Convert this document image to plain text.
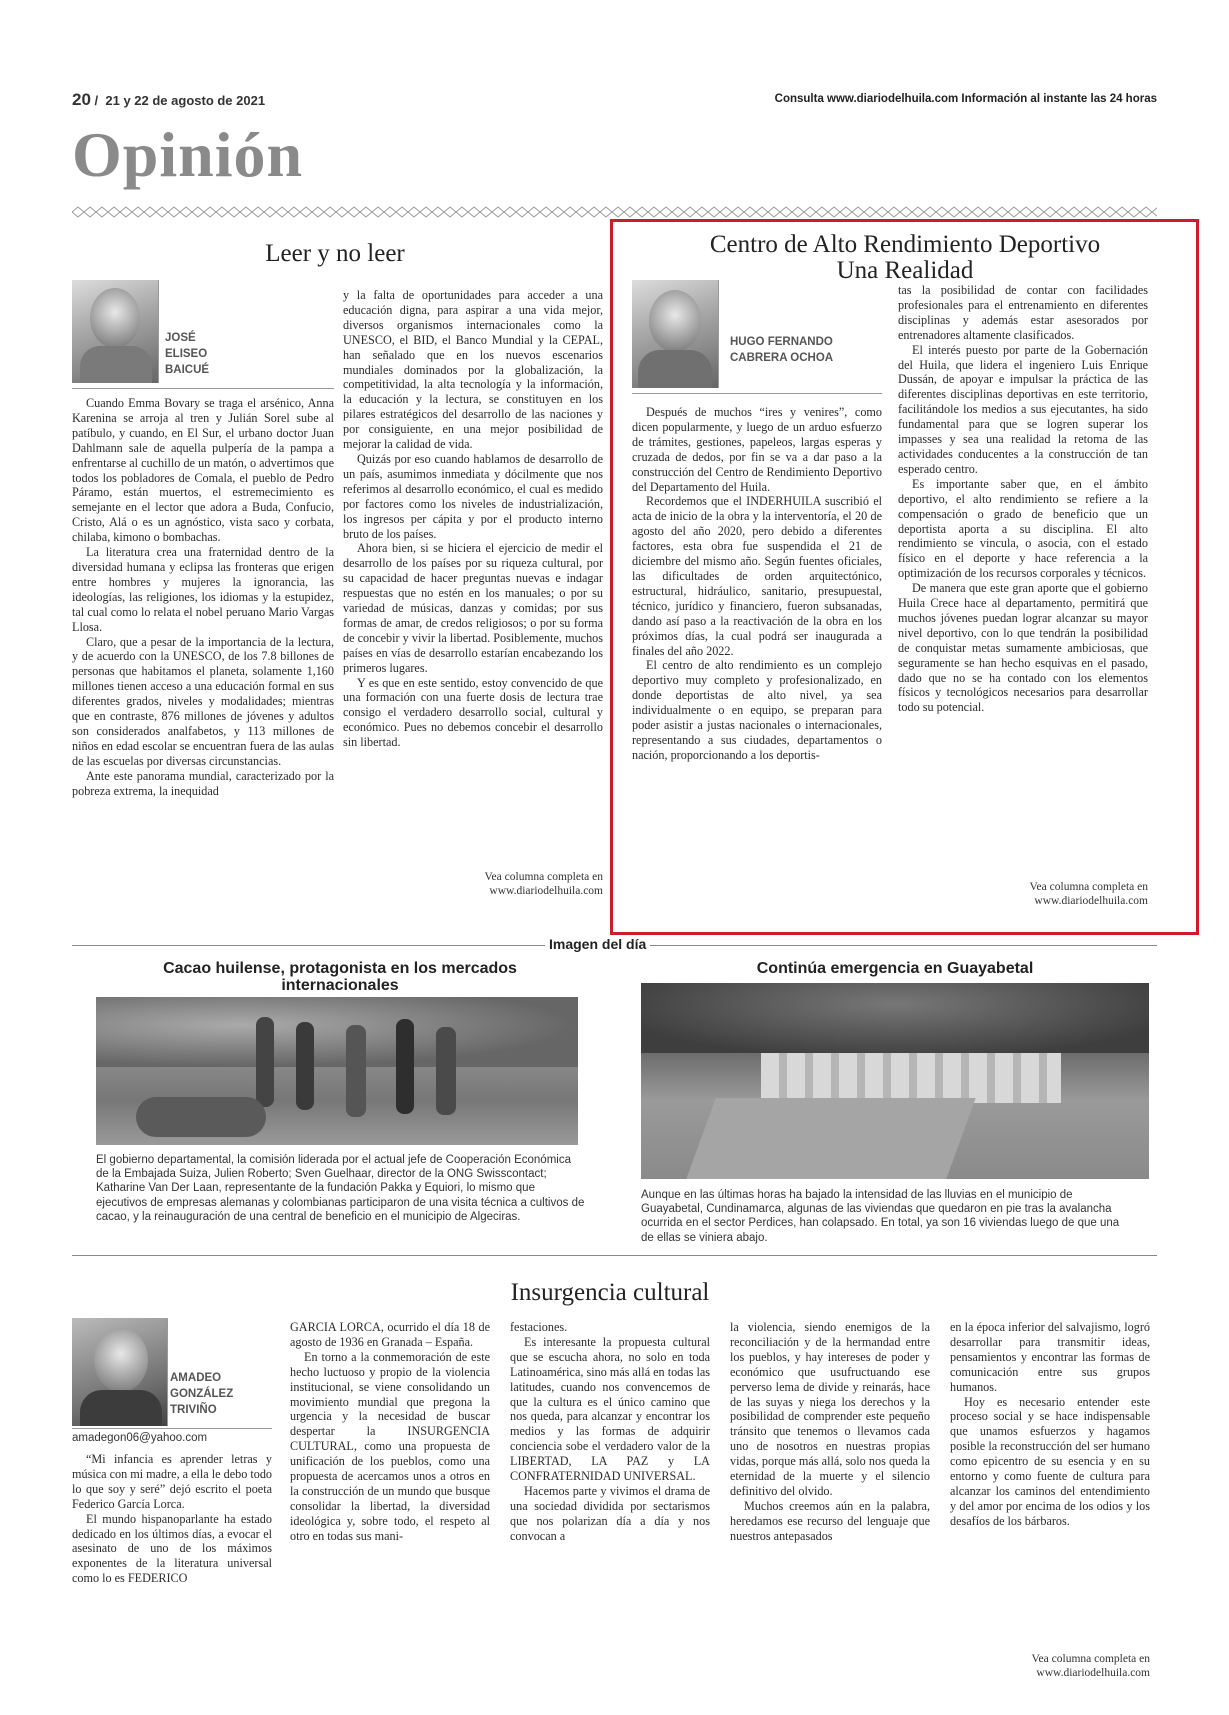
20 /  21 y 22 de agosto de 2021	Consulta www.diariodelhuila.com Información al instante las 24 horas
Opinión
Leer y no leer
JOSÉ
ELISEO
BAICUÉ

Cuando Emma Bovary se traga el arsénico, Anna Karenina se arroja al tren y Julián Sorel sube al patíbulo, y cuando, en El Sur, el urbano doctor Juan Dahlmann sale de aquella pulpería de la pampa a enfrentarse al cuchillo de un matón, o advertimos que todos los pobladores de Comala, el pueblo de Pedro Páramo, están muertos, el estremecimiento es semejante en el lector que adora a Buda, Confucio, Cristo, Alá o es un agnóstico, vista saco y corbata, chilaba, kimono o bombachas.

La literatura crea una fraternidad dentro de la diversidad humana y eclipsa las fronteras que erigen entre hombres y mujeres la ignorancia, las ideologías, las religiones, los idiomas y la estupidez, tal cual como lo relata el nobel peruano Mario Vargas Llosa.

Claro, que a pesar de la importancia de la lectura, y de acuerdo con la UNESCO, de los 7.8 billones de personas que habitamos el planeta, solamente 1,160 millones tienen acceso a una educación formal en sus diferentes grados, niveles y modalidades; mientras que en contraste, 876 millones de jóvenes y adultos son considerados analfabetos, y 113 millones de niños en edad escolar se encuentran fuera de las aulas de las escuelas por diversas circunstancias.

Ante este panorama mundial, caracterizado por la pobreza extrema, la inequidad

y la falta de oportunidades para acceder a una educación digna, para aspirar a una vida mejor, diversos organismos internacionales como la UNESCO, el BID, el Banco Mundial y la CEPAL, han señalado que en los nuevos escenarios mundiales dominados por la globalización, la competitividad, la alta tecnología y la información, la educación y la lectura, se constituyen en los pilares estratégicos del desarrollo de las naciones y por consiguiente, en una mejor posibilidad de mejorar la calidad de vida.

Quizás por eso cuando hablamos de desarrollo de un país, asumimos inmediata y dócilmente que nos referimos al desarrollo económico, el cual es medido por factores como los niveles de industrialización, los ingresos per cápita y por el producto interno bruto de los países.

Ahora bien, si se hiciera el ejercicio de medir el desarrollo de los países por su riqueza cultural, por su capacidad de hacer preguntas nuevas e indagar respuestas que no estén en los manuales; o por su variedad de músicas, danzas y comidas; por sus formas de amar, de credos religiosos; o por su forma de concebir y vivir la libertad. Posiblemente, muchos países en vías de desarrollo estarían encabezando los primeros lugares.

Y es que en este sentido, estoy convencido de que una formación con una fuerte dosis de lectura trae consigo el verdadero desarrollo social, cultural y económico. Pues no debemos concebir el desarrollo sin libertad.

Vea columna completa en
www.diariodelhuila.com
Centro de Alto Rendimiento Deportivo
Una Realidad
HUGO FERNANDO
CABRERA OCHOA

Después de muchos “ires y venires”, como dicen popularmente, y luego de un arduo esfuerzo de trámites, gestiones, papeleos, largas esperas y cruzada de dedos, por fin se va a dar paso a la construcción del Centro de Rendimiento Deportivo del Departamento del Huila.

Recordemos que el INDERHUILA suscribió el acta de inicio de la obra y la interventoría, el 20 de agosto del año 2020, pero debido a diferentes factores, esta obra fue suspendida el 21 de diciembre del mismo año. Según fuentes oficiales, las dificultades de orden arquitectónico, estructural, hidráulico, sanitario, presupuestal, técnico, jurídico y financiero, fueron subsanadas, dando así paso a la reactivación de la obra en los próximos días, la cual podrá ser inaugurada a finales del año 2022.

El centro de alto rendimiento es un complejo deportivo muy completo y profesionalizado, en donde deportistas de alto nivel, ya sea individualmente o en equipo, se preparan para poder asistir a justas nacionales o internacionales, representando a sus ciudades, departamentos o nación, proporcionando a los deportis-

tas la posibilidad de contar con facilidades profesionales para el entrenamiento en diferentes disciplinas y además estar asesorados por entrenadores altamente clasificados.

El interés puesto por parte de la Gobernación del Huila, que lidera el ingeniero Luis Enrique Dussán, de apoyar e impulsar la práctica de las diferentes disciplinas deportivas en este territorio, facilitándole los medios a sus ejecutantes, ha sido fundamental para que se logren superar los impasses y sea una realidad la retoma de las actividades conducentes a la construcción de tan esperado centro.

Es importante saber que, en el ámbito deportivo, el alto rendimiento se refiere a la compensación o grado de beneficio que un deportista aporta a su disciplina. El alto rendimiento se vincula, o asocia, con el estado físico en el deporte y hace referencia a la optimización de los recursos corporales y técnicos.

De manera que este gran aporte que el gobierno Huila Crece hace al departamento, permitirá que muchos jóvenes puedan lograr alcanzar su mayor nivel deportivo, con lo que tendrán la posibilidad de conquistar metas sumamente ambiciosas, que seguramente se han hecho esquivas en el pasado, dado que no se ha contado con los elementos físicos y tecnológicos necesarios para desarrollar todo su potencial.

Vea columna completa en
www.diariodelhuila.com
Imagen del día
Cacao huilense, protagonista en los mercados
internacionales
El gobierno departamental, la comisión liderada por el actual jefe de Cooperación Económica de la Embajada Suiza, Julien Roberto; Sven Guelhaar, director de la ONG Swisscontact; Katharine Van Der Laan, representante de la fundación Pakka y Equiori, lo mismo que ejecutivos de empresas alemanas y colombianas participaron de una visita técnica a cultivos de cacao, y la reinauguración de una central de beneficio en el municipio de Algeciras.
Continúa emergencia en Guayabetal
Aunque en las últimas horas ha bajado la intensidad de las lluvias en el municipio de Guayabetal, Cundinamarca, algunas de las viviendas que quedaron en pie tras la avalancha ocurrida en el sector Perdices, han colapsado. En total, ya son 16 viviendas luego de que una de ellas se viniera abajo.
Insurgencia cultural
AMADEO
GONZÁLEZ
TRIVIÑO
amadegon06@yahoo.com

“Mi infancia es aprender letras y música con mi madre, a ella le debo todo lo que soy y seré” dejó escrito el poeta Federico García Lorca.

El mundo hispanoparlante ha estado dedicado en los últimos días, a evocar el asesinato de uno de los máximos exponentes de la literatura universal como lo es FEDERICO

GARCIA LORCA, ocurrido el día 18 de agosto de 1936 en Granada – España.

En torno a la conmemoración de este hecho luctuoso y propio de la violencia institucional, se viene consolidando un movimiento mundial que pregona la urgencia y la necesidad de buscar despertar la INSURGENCIA CULTURAL, como una propuesta de unificación de los pueblos, como una propuesta de acercamos unos a otros en la construcción de un mundo que busque consolidar la libertad, la diversidad ideológica y, sobre todo, el respeto al otro en todas sus mani-

festaciones.

Es interesante la propuesta cultural que se escucha ahora, no solo en toda Latinoamérica, sino más allá en todas las latitudes, cuando nos convencemos de que la cultura es el único camino que nos queda, para alcanzar y encontrar los medios y las formas de adquirir conciencia sobe el verdadero valor de la LIBERTAD, LA PAZ y LA CONFRATERNIDAD UNIVERSAL.

Hacemos parte y vivimos el drama de una sociedad dividida por sectarismos que nos polarizan día a día y nos convocan a

la violencia, siendo enemigos de la reconciliación y de la hermandad entre los pueblos, y hay intereses de poder y económico que usufructuando ese perverso lema de divide y reinarás, hace de las suyas y niega los derechos y la posibilidad de comprender este pequeño tránsito que tenemos o llevamos cada uno de nosotros en nuestras propias vidas, porque más allá, solo nos queda la eternidad de la muerte y el silencio definitivo del olvido.

Muchos creemos aún en la palabra, heredamos ese recurso del lenguaje que nuestros antepasados

en la época inferior del salvajismo, logró desarrollar para transmitir ideas, pensamientos y encontrar las formas de comunicación entre sus grupos humanos.

Hoy es necesario entender este proceso social y se hace indispensable que unamos esfuerzos y hagamos posible la reconstrucción del ser humano como epicentro de su esencia y en su entorno y como fuente de cultura para alcanzar los caminos del entendimiento y del amor por encima de los odios y los desafíos de los bárbaros.

Vea columna completa en
www.diariodelhuila.com
